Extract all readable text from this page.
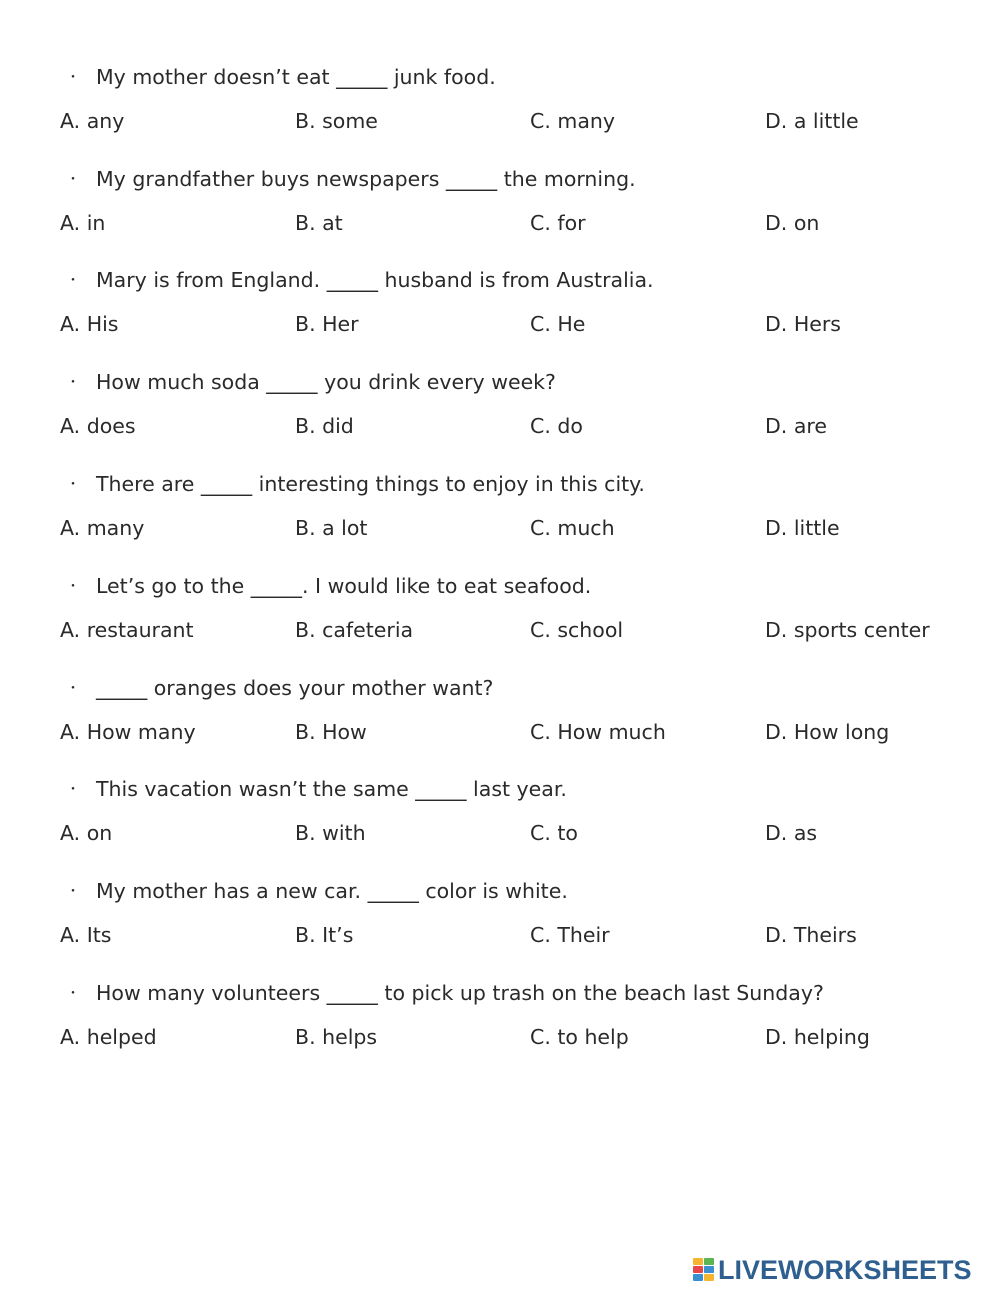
・ My mother doesn’t eat _____ junk food.
A. any	B. some	C. many	D. a little
・ My grandfather buys newspapers _____ the morning.
A. in	B. at	C. for	D. on
・ Mary is from England. _____ husband is from Australia.
A. His	B. Her	C. He	D. Hers
・ How much soda _____ you drink every week?
A. does	B. did	C. do	D. are
・ There are _____ interesting things to enjoy in this city.
A. many	B. a lot	C. much	D. little
・ Let’s go to the _____. I would like to eat seafood.
A. restaurant	B. cafeteria	C. school	D. sports center
・ _____ oranges does your mother want?
A. How many	B. How	C. How much	D. How long
・ This vacation wasn’t the same _____ last year.
A. on	B. with	C. to	D. as
・ My mother has a new car. _____ color is white.
A. Its	B. It’s	C. Their	D. Theirs
・ How many volunteers _____ to pick up trash on the beach last Sunday?
A. helped	B. helps	C. to help	D. helping
LIVEWORKSHEETS
